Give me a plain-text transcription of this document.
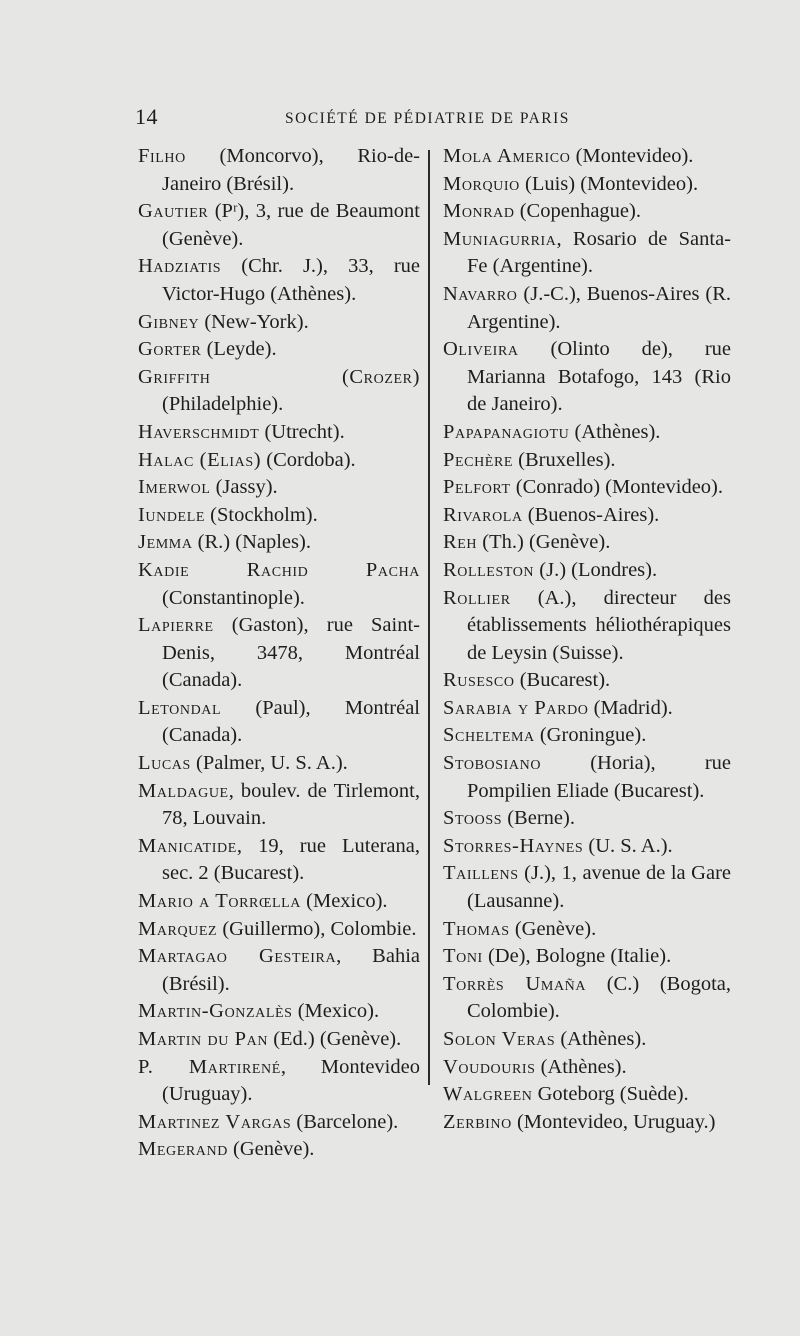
14	SOCIÉTÉ DE PÉDIATRIE DE PARIS

Filho (Moncorvo), Rio-de-Janeiro (Brésil).

Gautier (Pʳ), 3, rue de Beaumont (Genève).

Hadziatis (Chr. J.), 33, rue Victor-Hugo (Athènes).

Gibney (New-York).

Gorter (Leyde).

Griffith (Crozer) (Philadelphie).

Haverschmidt (Utrecht).

Halac (Elias) (Cordoba).

Imerwol (Jassy).

Iundele (Stockholm).

Jemma (R.) (Naples).

Kadie Rachid Pacha (Constantinople).

Lapierre (Gaston), rue Saint-Denis, 3478, Montréal (Canada).

Letondal (Paul), Montréal (Canada).

Lucas (Palmer, U. S. A.).

Maldague, boulev. de Tirlemont, 78, Louvain.

Manicatide, 19, rue Luterana, sec. 2 (Bucarest).

Mario a Torrœlla (Mexico).

Marquez (Guillermo), Colombie.

Martagao Gesteira, Bahia (Brésil).

Martin-Gonzalès (Mexico).

Martin du Pan (Ed.) (Genève).

P. Martirené, Montevideo (Uruguay).

Martinez Vargas (Barcelone).

Megerand (Genève).

Mola Americo (Montevideo).

Morquio (Luis) (Montevideo).

Monrad (Copenhague).

Muniagurria, Rosario de Santa-Fe (Argentine).

Navarro (J.-C.), Buenos-Aires (R. Argentine).

Oliveira (Olinto de), rue Marianna Botafogo, 143 (Rio de Janeiro).

Papapanagiotu (Athènes).

Pechère (Bruxelles).

Pelfort (Conrado) (Montevideo).

Rivarola (Buenos-Aires).

Reh (Th.) (Genève).

Rolleston (J.) (Londres).

Rollier (A.), directeur des établissements héliothérapiques de Leysin (Suisse).

Rusesco (Bucarest).

Sarabia y Pardo (Madrid).

Scheltema (Groningue).

Stobosiano (Horia), rue Pompilien Eliade (Bucarest).

Stooss (Berne).

Storres-Haynes (U. S. A.).

Taillens (J.), 1, avenue de la Gare (Lausanne).

Thomas (Genève).

Toni (De), Bologne (Italie).

Torrès Umaña (C.) (Bogota, Colombie).

Solon Veras (Athènes).

Voudouris (Athènes).

Walgreen Goteborg (Suède).

Zerbino (Montevideo, Uruguay.)
